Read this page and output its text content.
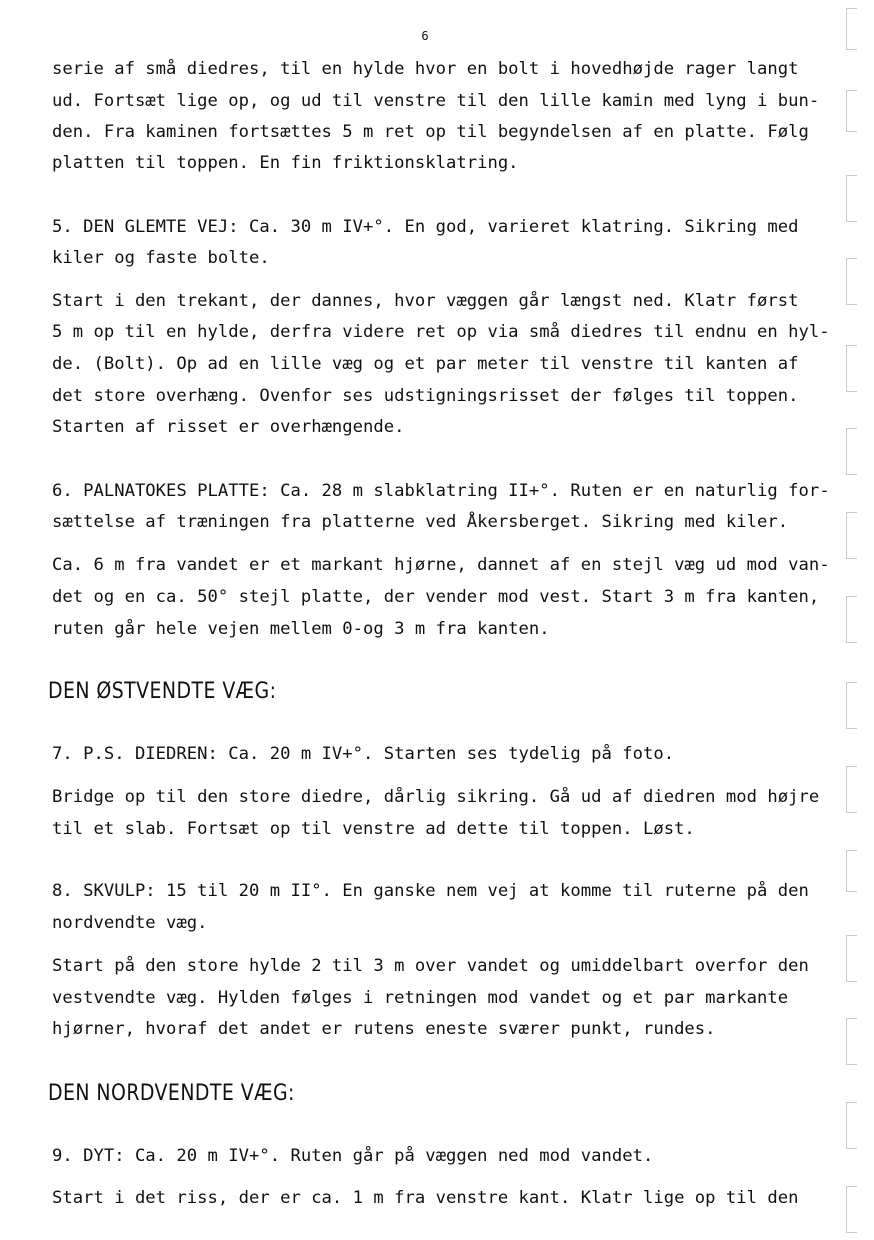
6
serie af små diedres, til en hylde hvor en bolt i hovedhøjde rager langt
ud. Fortsæt lige op, og ud til venstre til den lille kamin med lyng i bun-
den. Fra kaminen fortsættes 5 m ret op til begyndelsen af en platte. Følg
platten til toppen. En fin friktionsklatring.
5. DEN GLEMTE VEJ: Ca. 30 m IV+°. En god, varieret klatring. Sikring med
kiler og faste bolte.
Start i den trekant, der dannes, hvor væggen går længst ned. Klatr først
5 m op til en hylde, derfra videre ret op via små diedres til endnu en hyl-
de. (Bolt). Op ad en lille væg og et par meter til venstre til kanten af
det store overhæng. Ovenfor ses udstigningsrisset der følges til toppen.
Starten af risset er overhængende.
6. PALNATOKES PLATTE: Ca. 28 m slabklatring II+°. Ruten er en naturlig for-
sættelse af træningen fra platterne ved Åkersberget. Sikring med kiler.
Ca. 6 m fra vandet er et markant hjørne, dannet af en stejl væg ud mod van-
det og en ca. 50° stejl platte, der vender mod vest. Start 3 m fra kanten,
ruten går hele vejen mellem 0-og 3 m fra kanten.
DEN ØSTVENDTE VÆG:
7. P.S. DIEDREN: Ca. 20 m IV+°. Starten ses tydelig på foto.
Bridge op til den store diedre, dårlig sikring. Gå ud af diedren mod højre
til et slab. Fortsæt op til venstre ad dette til toppen. Løst.
8. SKVULP: 15 til 20 m II°. En ganske nem vej at komme til ruterne på den
nordvendte væg.
Start på den store hylde 2 til 3 m over vandet og umiddelbart overfor den
vestvendte væg. Hylden følges i retningen mod vandet og et par markante
hjørner, hvoraf det andet er rutens eneste sværer punkt, rundes.
DEN NORDVENDTE VÆG:
9. DYT: Ca. 20 m IV+°. Ruten går på væggen ned mod vandet.
Start i det riss, der er ca. 1 m fra venstre kant. Klatr lige op til den
